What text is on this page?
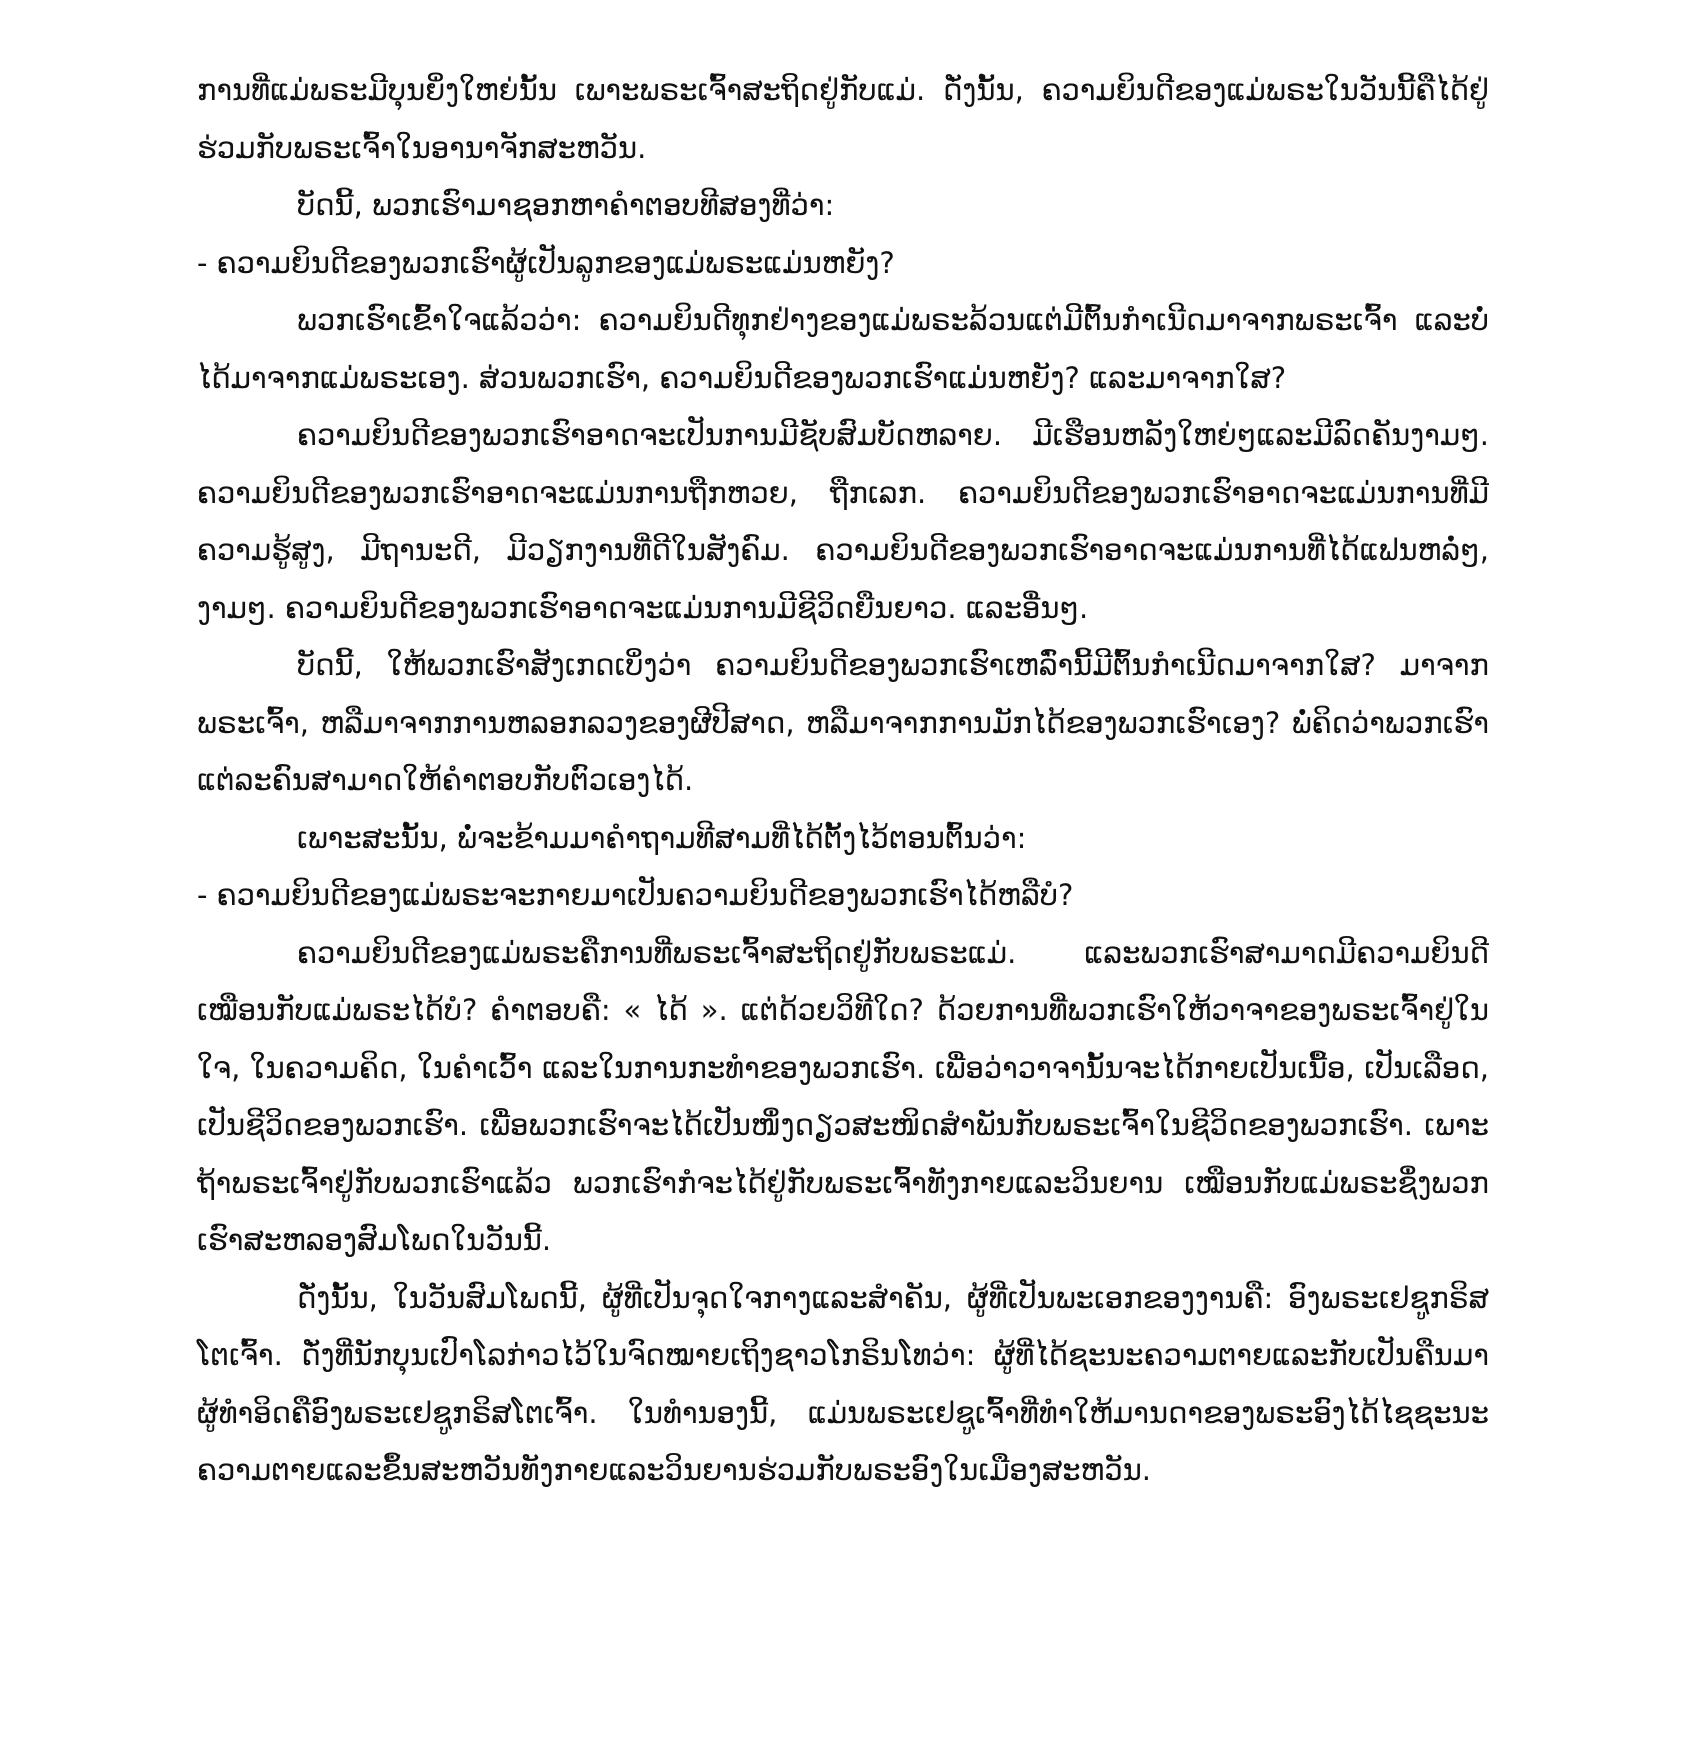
ການທີ່ແມ່ພຣະມີບຸນຍິ່ງໃຫຍ່ນັ້ນ ເພາະພຣະເຈົ້າສະຖິດຢູ່ກັບແມ່. ດັ່ງນັ້ນ, ຄວາມຍິນດີຂອງແມ່ພຣະໃນວັນນີ້ຄືໄດ້ຢູ່ຮ່ວມກັບພຣະເຈົ້າໃນອານາຈັກສະຫວັນ.

ບັດນີ້, ພວກເຮົາມາຊອກຫາຄຳຕອບທີສອງທີ່ວ່າ:

- ຄວາມຍິນດີຂອງພວກເຮົາຜູ້ເປັນລູກຂອງແມ່ພຣະແມ່ນຫຍັງ?

ພວກເຮົາເຂົ້າໃຈແລ້ວວ່າ: ຄວາມຍິນດີທຸກຢ່າງຂອງແມ່ພຣະລ້ວນແຕ່ມີຕົ້ນກຳເນີດມາຈາກພຣະເຈົ້າ ແລະບໍ່ໄດ້ມາຈາກແມ່ພຣະເອງ. ສ່ວນພວກເຮົາ, ຄວາມຍິນດີຂອງພວກເຮົາແມ່ນຫຍັງ? ແລະມາຈາກໃສ?

ຄວາມຍິນດີຂອງພວກເຮົາອາດຈະເປັນການມີຊັບສົມບັດຫລາຍ. ມີເຮືອນຫລັງໃຫຍ່ໆແລະມີລົດຄັນງາມໆ. ຄວາມຍິນດີຂອງພວກເຮົາອາດຈະແມ່ນການຖືກຫວຍ, ຖືກເລກ. ຄວາມຍິນດີຂອງພວກເຮົາອາດຈະແມ່ນການທີ່ມີຄວາມຮູ້ສູງ, ມີຖານະດີ, ມີວຽກງານທີ່ດີໃນສັງຄົມ. ຄວາມຍິນດີຂອງພວກເຮົາອາດຈະແມ່ນການທີ່ໄດ້ແຟນຫລໍ່ໆ, ງາມໆ. ຄວາມຍິນດີຂອງພວກເຮົາອາດຈະແມ່ນການມີຊີວິດຍືນຍາວ. ແລະອື່ນໆ.

ບັດນີ້, ໃຫ້ພວກເຮົາສັງເກດເບິ່ງວ່າ ຄວາມຍິນດີຂອງພວກເຮົາເຫລົ່ານີ້ມີຕົ້ນກຳເນີດມາຈາກໃສ? ມາຈາກພຣະເຈົ້າ, ຫລືມາຈາກການຫລອກລວງຂອງຜີປີສາດ, ຫລືມາຈາກການມັກໄດ້ຂອງພວກເຮົາເອງ? ພໍ່ຄິດວ່າພວກເຮົາແຕ່ລະຄົນສາມາດໃຫ້ຄຳຕອບກັບຕົວເອງໄດ້.

ເພາະສະນັ້ນ, ພໍ່ຈະຂ້າມມາຄຳຖາມທີສາມທີ່ໄດ້ຕັ້ງໄວ້ຕອນຕົ້ນວ່າ:

- ຄວາມຍິນດີຂອງແມ່ພຣະຈະກາຍມາເປັນຄວາມຍິນດີຂອງພວກເຮົາໄດ້ຫລືບໍ?

ຄວາມຍິນດີຂອງແມ່ພຣະຄືການທີ່ພຣະເຈົ້າສະຖິດຢູ່ກັບພຣະແມ່. ແລະພວກເຮົາສາມາດມີຄວາມຍິນດີເໝືອນກັບແມ່ພຣະໄດ້ບໍ? ຄຳຕອບຄື: « ໄດ້ ». ແຕ່ດ້ວຍວິທີໃດ? ດ້ວຍການທີ່ພວກເຮົາໃຫ້ວາຈາຂອງພຣະເຈົ້າຢູ່ໃນໃຈ, ໃນຄວາມຄິດ, ໃນຄຳເວົ້າ ແລະໃນການກະທຳຂອງພວກເຮົາ. ເພື່ອວ່າວາຈານັ້ນຈະໄດ້ກາຍເປັນເນື້ອ, ເປັນເລືອດ, ເປັນຊີວິດຂອງພວກເຮົາ. ເພື່ອພວກເຮົາຈະໄດ້ເປັນໜຶ່ງດຽວສະໜິດສຳພັນກັບພຣະເຈົ້າໃນຊີວິດຂອງພວກເຮົາ. ເພາະຖ້າພຣະເຈົ້າຢູ່ກັບພວກເຮົາແລ້ວ ພວກເຮົາກໍຈະໄດ້ຢູ່ກັບພຣະເຈົ້າທັງກາຍແລະວິນຍານ ເໝືອນກັບແມ່ພຣະຊຶ່ງພວກເຮົາສະຫລອງສົມໂພດໃນວັນນີ້.

ດັ່ງນັ້ນ, ໃນວັນສົມໂພດນີ້, ຜູ້ທີ່ເປັນຈຸດໃຈກາງແລະສຳຄັນ, ຜູ້ທີ່ເປັນພະເອກຂອງງານຄື: ອົງພຣະເຢຊູກຣິສໂຕເຈົ້າ. ດັ່ງທີ່ນັກບຸນເປົາໂລກ່າວໄວ້ໃນຈົດໝາຍເຖິງຊາວໂກຣິນໂທວ່າ: ຜູ້ທີ່ໄດ້ຊະນະຄວາມຕາຍແລະກັບເປັນຄືນມາຜູ້ທຳອິດຄືອົງພຣະເຢຊູກຣິສໂຕເຈົ້າ. ໃນທຳນອງນີ້, ແມ່ນພຣະເຢຊູເຈົ້າທີ່ທຳໃຫ້ມານດາຂອງພຣະອົງໄດ້ໄຊຊະນະຄວາມຕາຍແລະຂຶ້ນສະຫວັນທັງກາຍແລະວິນຍານຮ່ວມກັບພຣະອົງໃນເມືອງສະຫວັນ.
